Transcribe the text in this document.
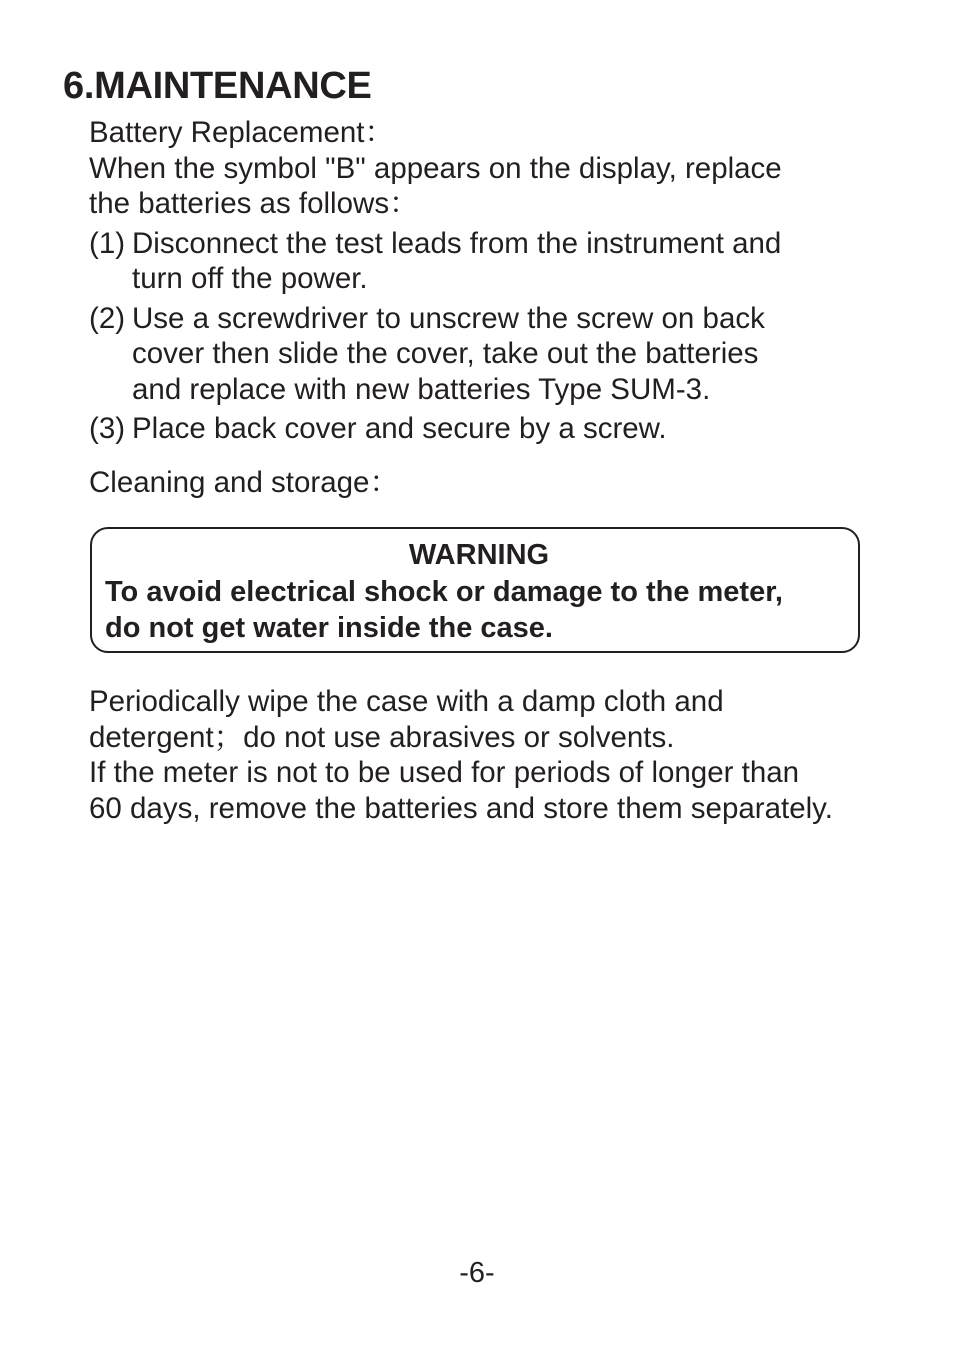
6.MAINTENANCE
Battery Replacement：
When the symbol "B" appears on the display, replace
the batteries as follows：
(1) Disconnect the test leads from the instrument and
turn off the power.
(2) Use a screwdriver to unscrew the screw on back
cover then slide the cover, take out the batteries
and replace with new batteries Type SUM-3.
(3) Place back cover and secure by a screw.
Cleaning and storage：
WARNING
To avoid electrical shock or damage to the meter,
do not get water inside the case.
Periodically wipe the case with a damp cloth and
detergent；do not use abrasives or solvents.
If the meter is not to be used for periods of longer than
60 days, remove the batteries and store them separately.
-6-
